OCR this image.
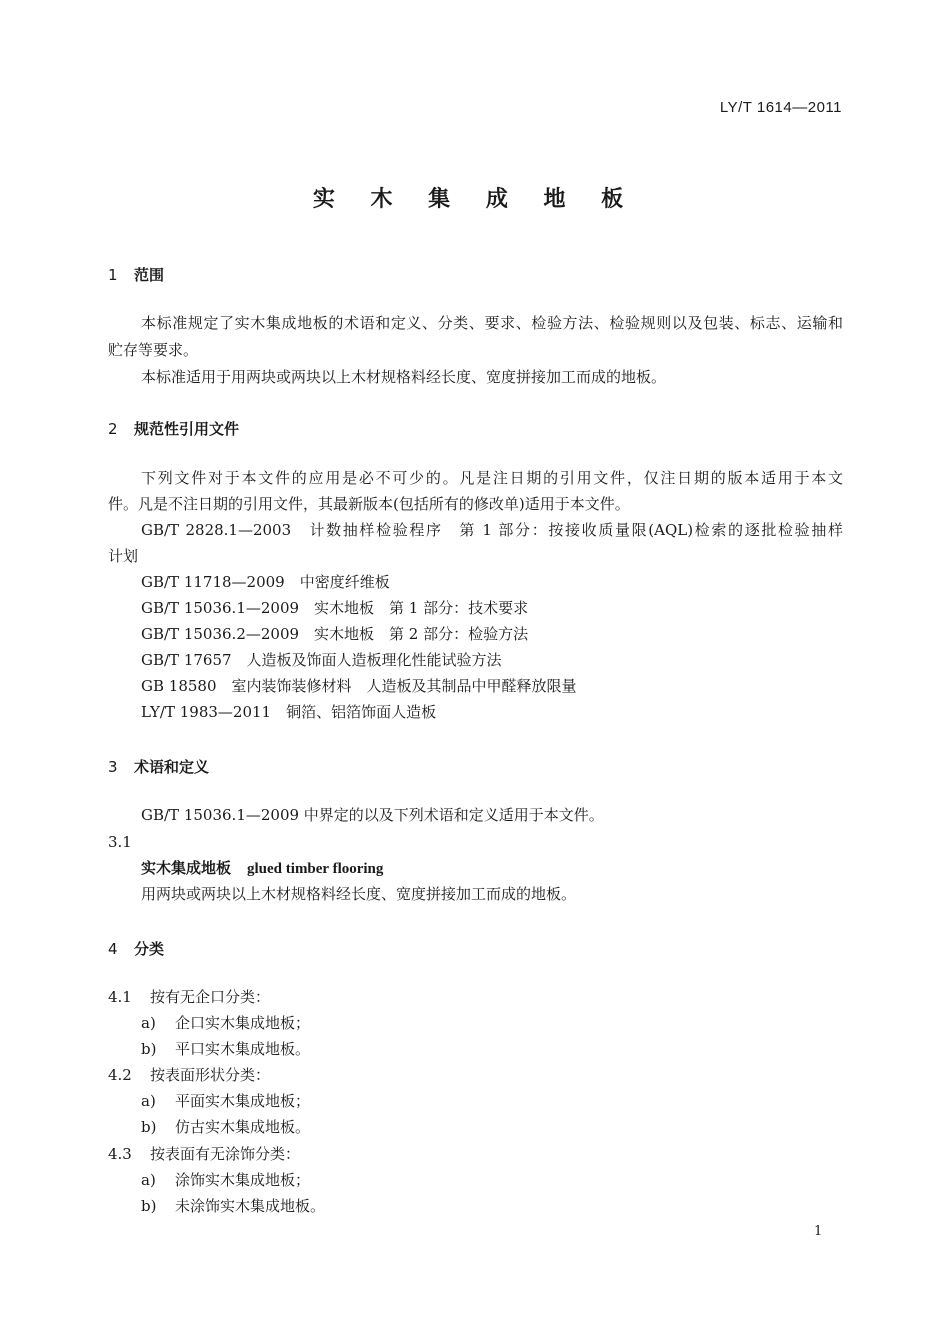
LY/T 1614—2011
实 木 集 成 地 板
1 范围
本标准规定了实木集成地板的术语和定义、分类、要求、检验方法、检验规则以及包装、标志、运输和
贮存等要求。
本标准适用于用两块或两块以上木材规格料经长度、宽度拼接加工而成的地板。
2 规范性引用文件
下列文件对于本文件的应用是必不可少的。凡是注日期的引用文件，仅注日期的版本适用于本文
件。凡是不注日期的引用文件，其最新版本(包括所有的修改单)适用于本文件。
GB/T 2828.1—2003　计数抽样检验程序　第 1 部分：按接收质量限(AQL)检索的逐批检验抽样
计划
GB/T 11718—2009　中密度纤维板
GB/T 15036.1—2009　实木地板　第 1 部分：技术要求
GB/T 15036.2—2009　实木地板　第 2 部分：检验方法
GB/T 17657　人造板及饰面人造板理化性能试验方法
GB 18580　室内装饰装修材料　人造板及其制品中甲醛释放限量
LY/T 1983—2011　铜箔、铝箔饰面人造板
3 术语和定义
GB/T 15036.1—2009 中界定的以及下列术语和定义适用于本文件。
3.1
实木集成地板 glued timber flooring
用两块或两块以上木材规格料经长度、宽度拼接加工而成的地板。
4 分类
4.1 按有无企口分类：
a) 企口实木集成地板；
b) 平口实木集成地板。
4.2 按表面形状分类：
a) 平面实木集成地板；
b) 仿古实木集成地板。
4.3 按表面有无涂饰分类：
a) 涂饰实木集成地板；
b) 未涂饰实木集成地板。
1
